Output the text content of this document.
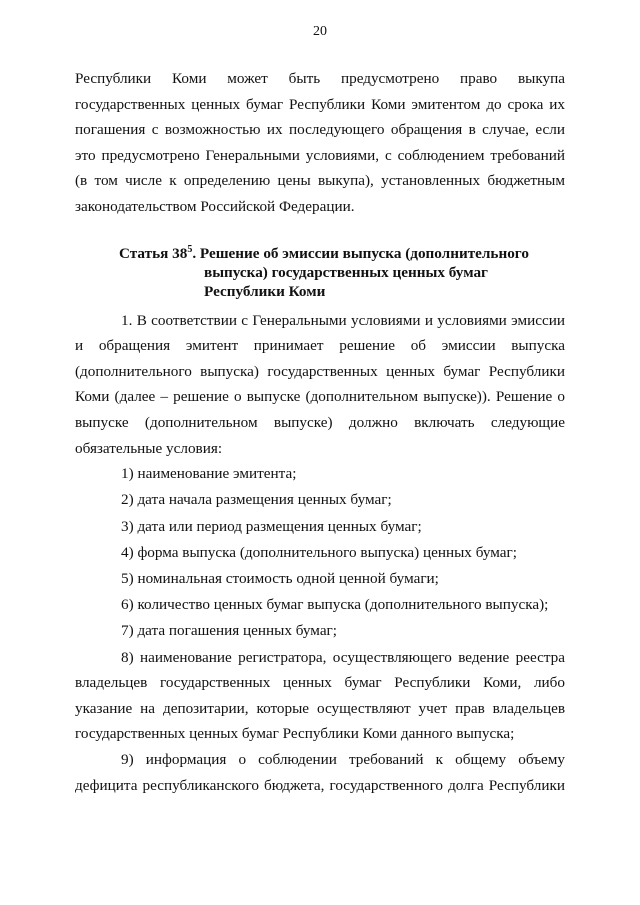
20

Республики Коми может быть предусмотрено право выкупа

государственных ценных бумаг Республики Коми эмитентом до срока их

погашения с возможностью их последующего обращения в случае, если

это предусмотрено Генеральными условиями, с соблюдением требований

(в том числе к определению цены выкупа), установленных бюджетным

законодательством Российской Федерации.

Статья $38^5$. Решение об эмиссии выпуска (дополнительного

выпуска) государственных ценных бумаг

Республики Коми

1. В соответствии с Генеральными условиями и условиями эмиссии

и обращения эмитент принимает решение об эмиссии выпуска

(дополнительного выпуска) государственных ценных бумаг Республики

Коми (далее – решение о выпуске (дополнительном выпуске)). Решение о

выпуске (дополнительном выпуске) должно включать следующие

обязательные условия:

1) наименование эмитента;

2) дата начала размещения ценных бумаг;

3) дата или период размещения ценных бумаг;

4) форма выпуска (дополнительного выпуска) ценных бумаг;

5) номинальная стоимость одной ценной бумаги;

6) количество ценных бумаг выпуска (дополнительного выпуска);

7) дата погашения ценных бумаг;

8) наименование регистратора, осуществляющего ведение реестра

владельцев государственных ценных бумаг Республики Коми, либо

указание на депозитарии, которые осуществляют учет прав владельцев

государственных ценных бумаг Республики Коми данного выпуска;

9) информация о соблюдении требований к общему объему

дефицита республиканского бюджета, государственного долга Республики
